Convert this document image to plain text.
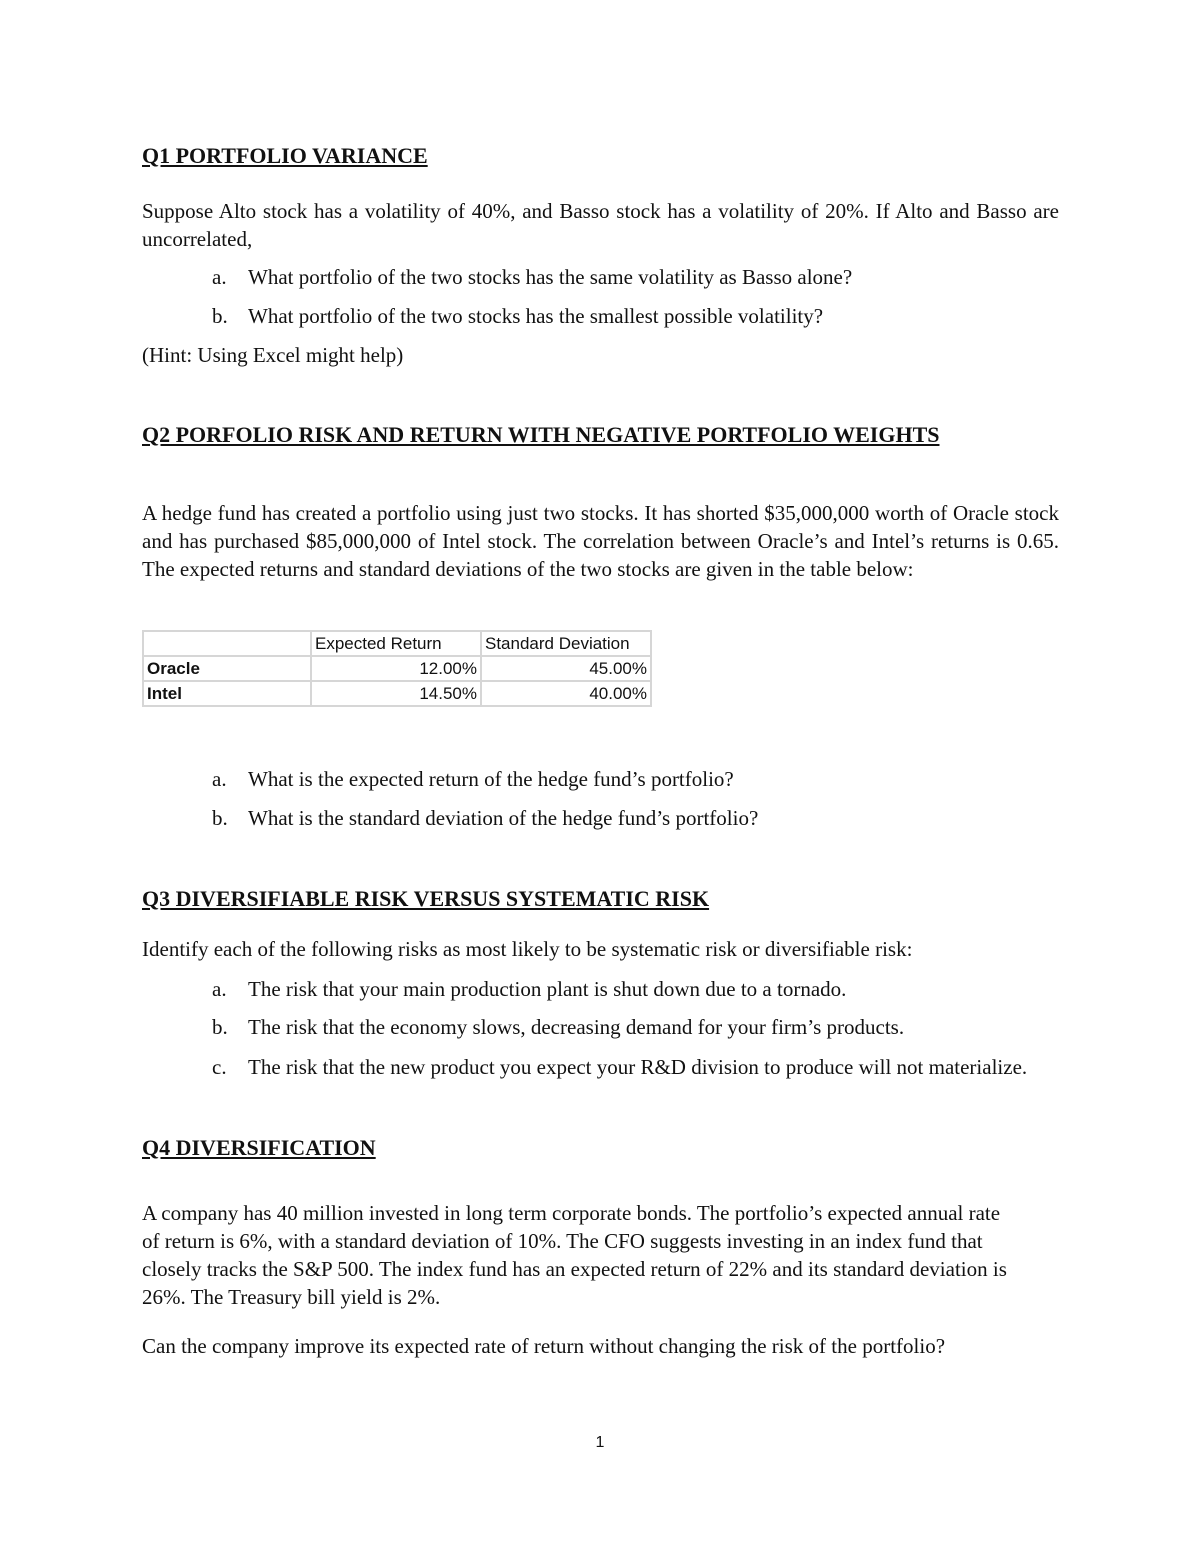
Q1 PORTFOLIO VARIANCE

Suppose Alto stock has a volatility of 40%, and Basso stock has a volatility of 20%. If Alto and Basso are uncorrelated,

a. What portfolio of the two stocks has the same volatility as Basso alone?
b. What portfolio of the two stocks has the smallest possible volatility?

(Hint: Using Excel might help)

Q2 PORFOLIO RISK AND RETURN WITH NEGATIVE PORTFOLIO WEIGHTS

A hedge fund has created a portfolio using just two stocks. It has shorted $35,000,000 worth of Oracle stock and has purchased $85,000,000 of Intel stock. The correlation between Oracle’s and Intel’s returns is 0.65. The expected returns and standard deviations of the two stocks are given in the table below:

	Expected Return	Standard Deviation
Oracle	12.00%	45.00%
Intel	14.50%	40.00%
a. What is the expected return of the hedge fund’s portfolio?
b. What is the standard deviation of the hedge fund’s portfolio?
Q3 DIVERSIFIABLE RISK VERSUS SYSTEMATIC RISK

Identify each of the following risks as most likely to be systematic risk or diversifiable risk:

a. The risk that your main production plant is shut down due to a tornado.
b. The risk that the economy slows, decreasing demand for your firm’s products.
c. The risk that the new product you expect your R&D division to produce will not materialize.
Q4 DIVERSIFICATION

A company has 40 million invested in long term corporate bonds. The portfolio’s expected annual rate of return is 6%, with a standard deviation of 10%. The CFO suggests investing in an index fund that closely tracks the S&P 500. The index fund has an expected return of 22% and its standard deviation is 26%. The Treasury bill yield is 2%.

Can the company improve its expected rate of return without changing the risk of the portfolio?

1
